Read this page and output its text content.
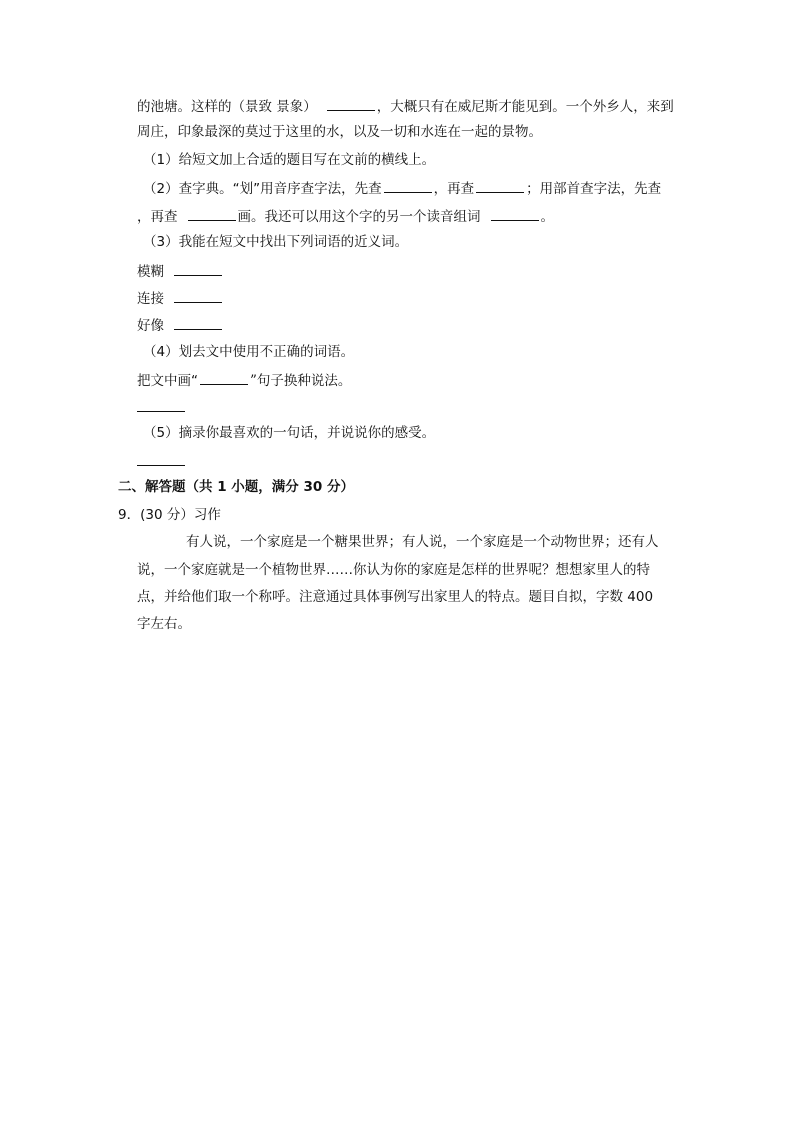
的池塘。这样的（景致 景象）	，大概只有在威尼斯才能见到。一个外乡人，来到
周庄，印象最深的莫过于这里的水，以及一切和水连在一起的景物。
（1）给短文加上合适的题目写在文前的横线上。
（2）查字典。“划”用音序查字法，先查	，再查	；用部首查字法，先查
，再查	画。我还可以用这个字的另一个读音组词	。
（3）我能在短文中找出下列词语的近义词。
模糊
连接
好像
（4）划去文中使用不正确的词语。
把文中画“	”句子换种说法。
（5）摘录你最喜欢的一句话，并说说你的感受。
二、解答题（共 1 小题，满分 30 分）
9．(30 分）习作
有人说，一个家庭是一个糖果世界；有人说，一个家庭是一个动物世界；还有人
说，一个家庭就是一个植物世界……你认为你的家庭是怎样的世界呢？想想家里人的特
点，并给他们取一个称呼。注意通过具体事例写出家里人的特点。题目自拟，字数 400
字左右。
